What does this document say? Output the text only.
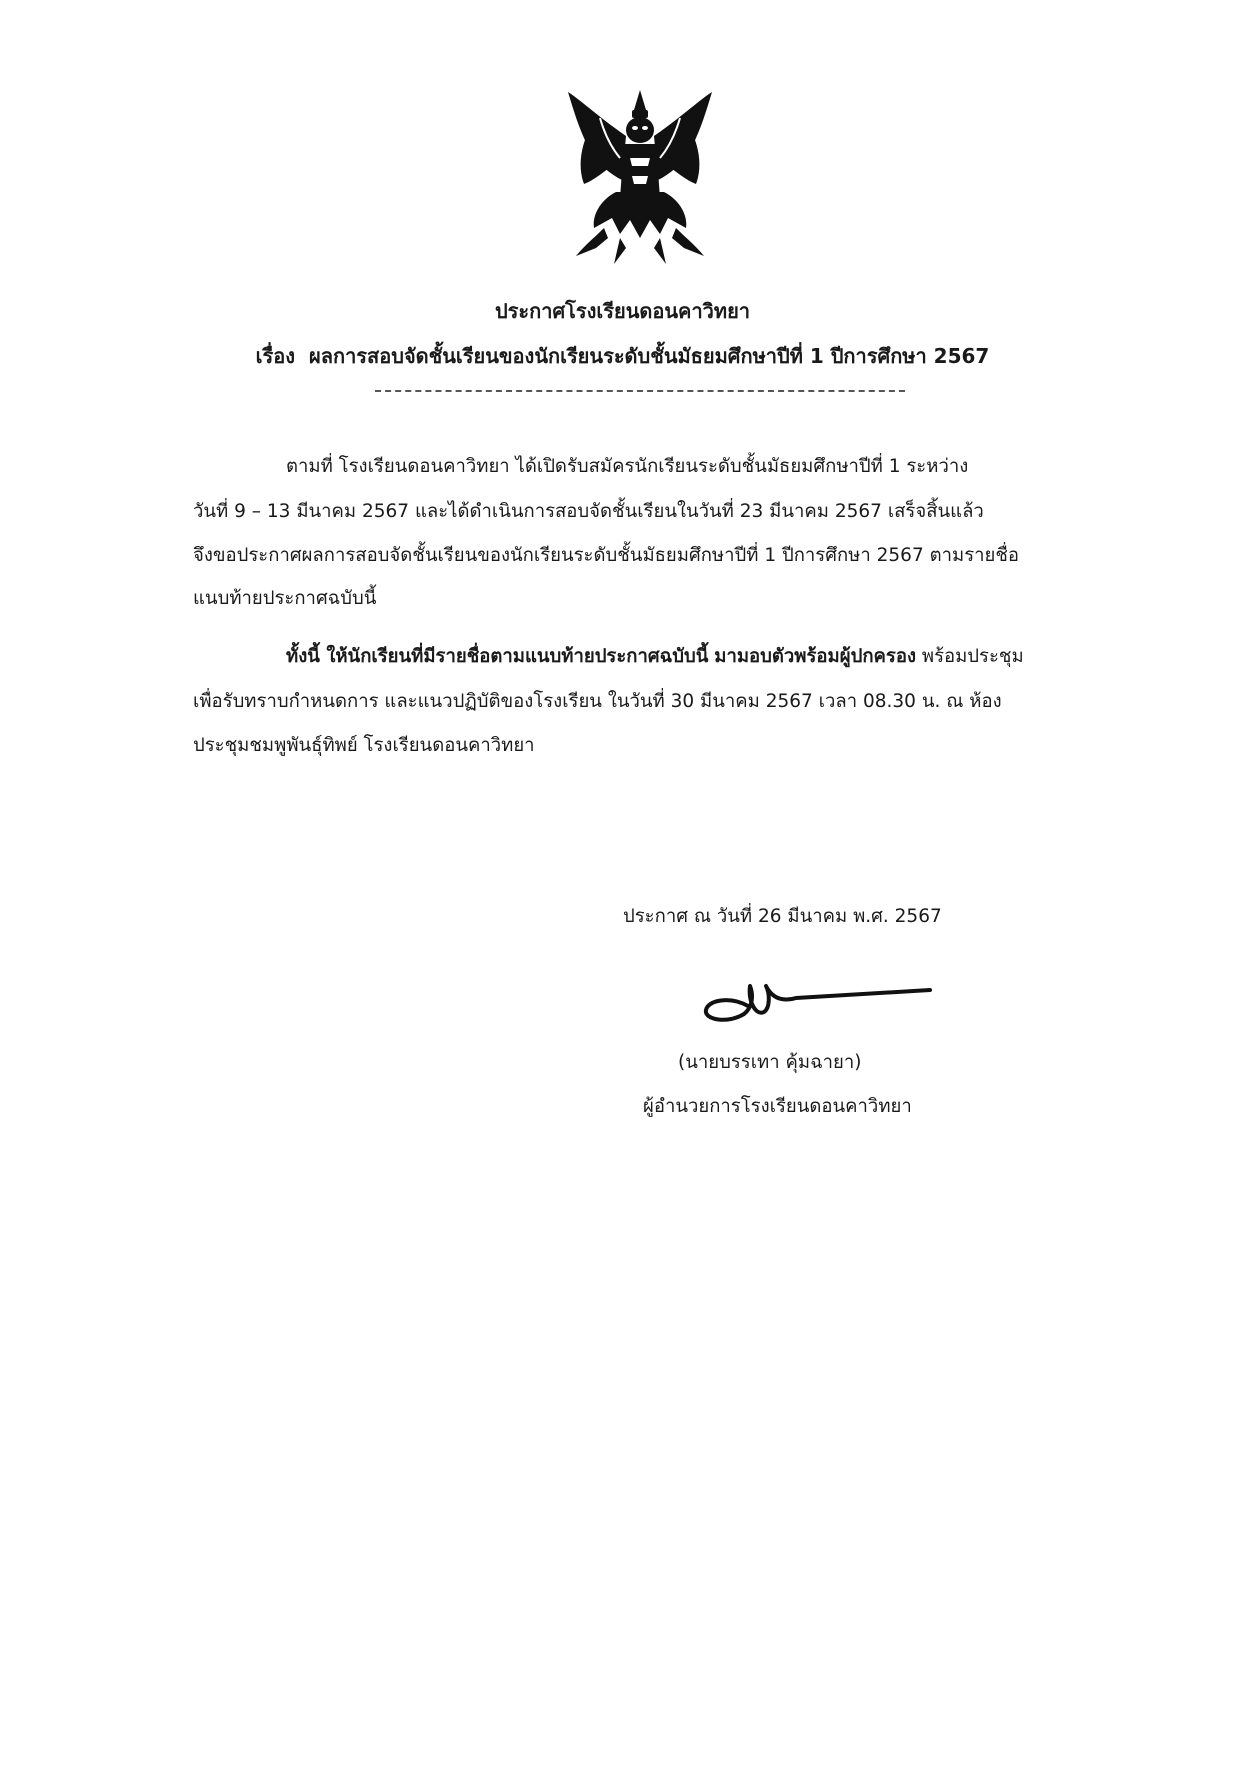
ประกาศโรงเรียนดอนคาวิทยา
เรื่อง ผลการสอบจัดชั้นเรียนของนักเรียนระดับชั้นมัธยมศึกษาปีที่ 1 ปีการศึกษา 2567
ตามที่ โรงเรียนดอนคาวิทยา ได้เปิดรับสมัครนักเรียนระดับชั้นมัธยมศึกษาปีที่ 1 ระหว่าง
วันที่ 9 – 13 มีนาคม 2567 และได้ดำเนินการสอบจัดชั้นเรียนในวันที่ 23 มีนาคม 2567 เสร็จสิ้นแล้ว
จึงขอประกาศผลการสอบจัดชั้นเรียนของนักเรียนระดับชั้นมัธยมศึกษาปีที่ 1 ปีการศึกษา 2567 ตามรายชื่อ
แนบท้ายประกาศฉบับนี้
ทั้งนี้ ให้นักเรียนที่มีรายชื่อตามแนบท้ายประกาศฉบับนี้ มามอบตัวพร้อมผู้ปกครอง พร้อมประชุม
เพื่อรับทราบกำหนดการ และแนวปฏิบัติของโรงเรียน ในวันที่ 30 มีนาคม 2567 เวลา 08.30 น. ณ ห้อง
ประชุมชมพูพันธุ์ทิพย์ โรงเรียนดอนคาวิทยา
ประกาศ ณ วันที่ 26 มีนาคม พ.ศ. 2567
(นายบรรเทา คุ้มฉายา)
ผู้อำนวยการโรงเรียนดอนคาวิทยา
